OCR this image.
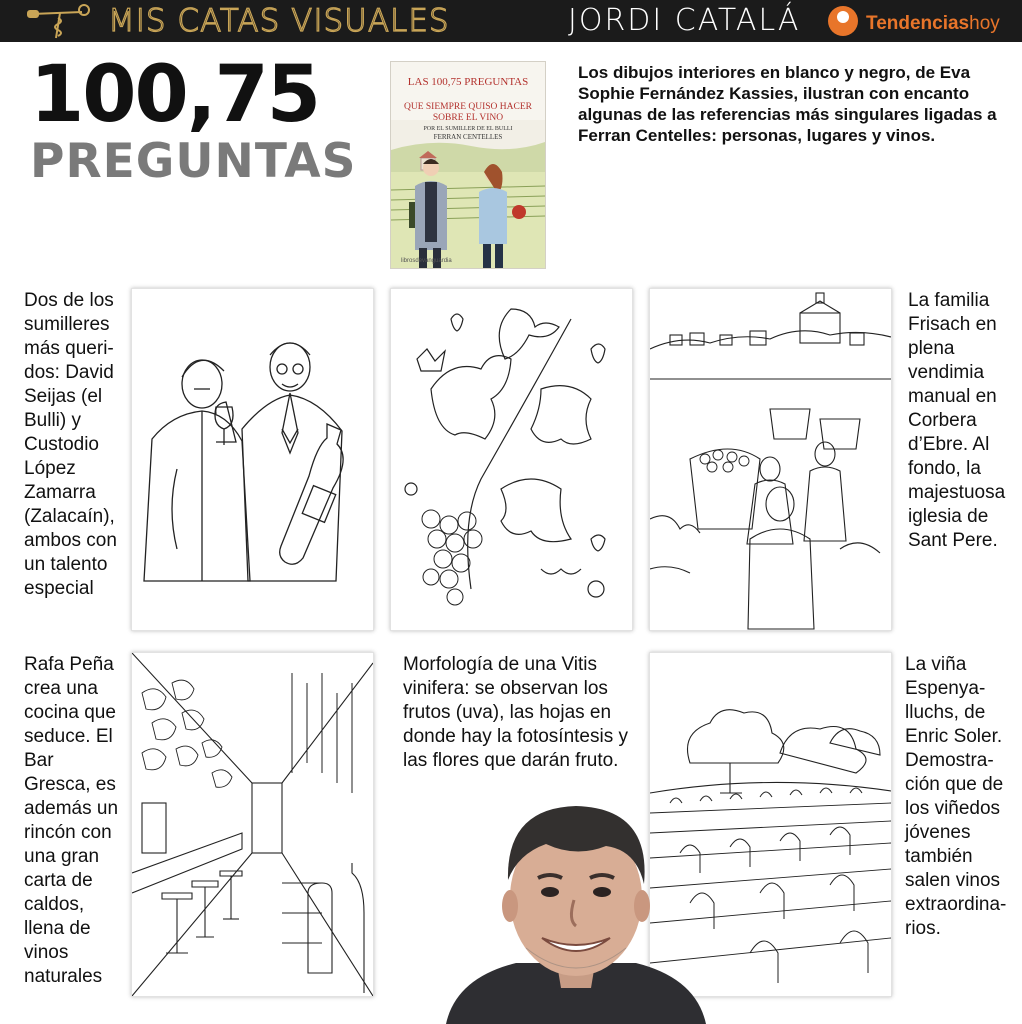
MIS CATAS VISUALES	JORDI CATALÁ	Tendenciashoy
100,75
PREGUNTAS
LAS 100,75 PREGUNTAS
QUE SIEMPRE QUISO HACER
SOBRE EL VINO
POR EL SUMILLER DE EL BULLI
FERRAN CENTELLES
librosdevanguardia
Los dibujos interiores en blanco y negro, de Eva Sophie Fernández Kassies, ilustran con encanto algunas de las referencias más singulares ligadas a Ferran Centelles: personas, lugares y vinos.
Dos de los sumilleres más queri-dos: David Seijas (el Bulli) y Custodio López Zamarra (Zalacaín), ambos con un talento especial
La familia Frisach en plena vendimia manual en Corbera d’Ebre. Al fondo, la majestuosa iglesia de Sant Pere.
Rafa Peña crea una cocina que seduce. El Bar Gresca, es además un rincón con una gran carta de caldos, llena de vinos naturales
Morfología de una Vitis vinifera: se observan los frutos (uva), las hojas en donde hay la fotosíntesis y las flores que darán fruto.
La viña Espenya-lluchs, de Enric Soler. Demostra-ción que de los viñedos jóvenes también salen vinos extraordina-rios.
